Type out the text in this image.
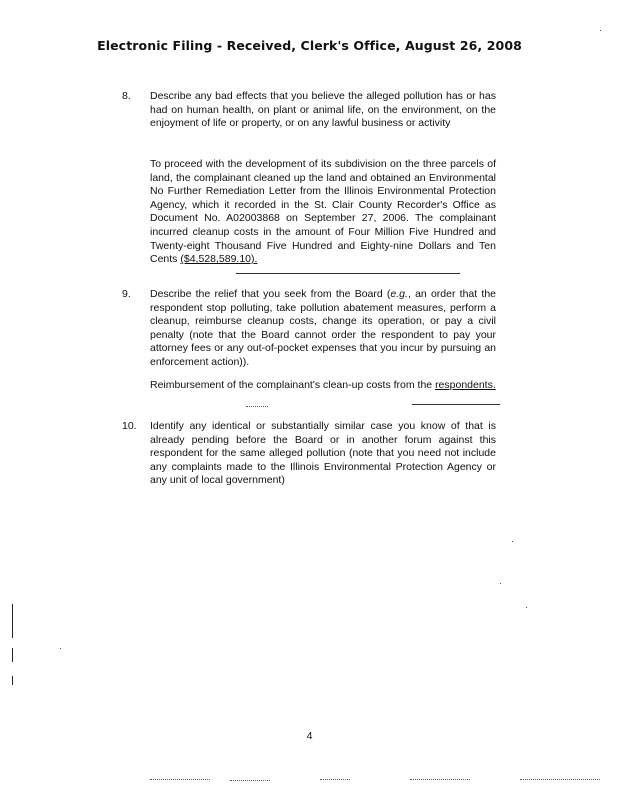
Electronic Filing - Received, Clerk's Office, August 26, 2008
8. Describe any bad effects that you believe the alleged pollution has or has had on human health, on plant or animal life, on the environment, on the enjoyment of life or property, or on any lawful business or activity

To proceed with the development of its subdivision on the three parcels of land, the complainant cleaned up the land and obtained an Environmental No Further Remediation Letter from the Illinois Environmental Protection Agency, which it recorded in the St. Clair County Recorder's Office as Document No. A02003868 on September 27, 2006. The complainant incurred cleanup costs in the amount of Four Million Five Hundred and Twenty-eight Thousand Five Hundred and Eighty-nine Dollars and Ten Cents ($4,528,589.10).

9. Describe the relief that you seek from the Board (e.g., an order that the respondent stop polluting, take pollution abatement measures, perform a cleanup, reimburse cleanup costs, change its operation, or pay a civil penalty (note that the Board cannot order the respondent to pay your attorney fees or any out-of-pocket expenses that you incur by pursuing an enforcement action)).

Reimbursement of the complainant's clean-up costs from the respondents.

10. Identify any identical or substantially similar case you know of that is already pending before the Board or in another forum against this respondent for the same alleged pollution (note that you need not include any complaints made to the Illinois Environmental Protection Agency or any unit of local government)

4
